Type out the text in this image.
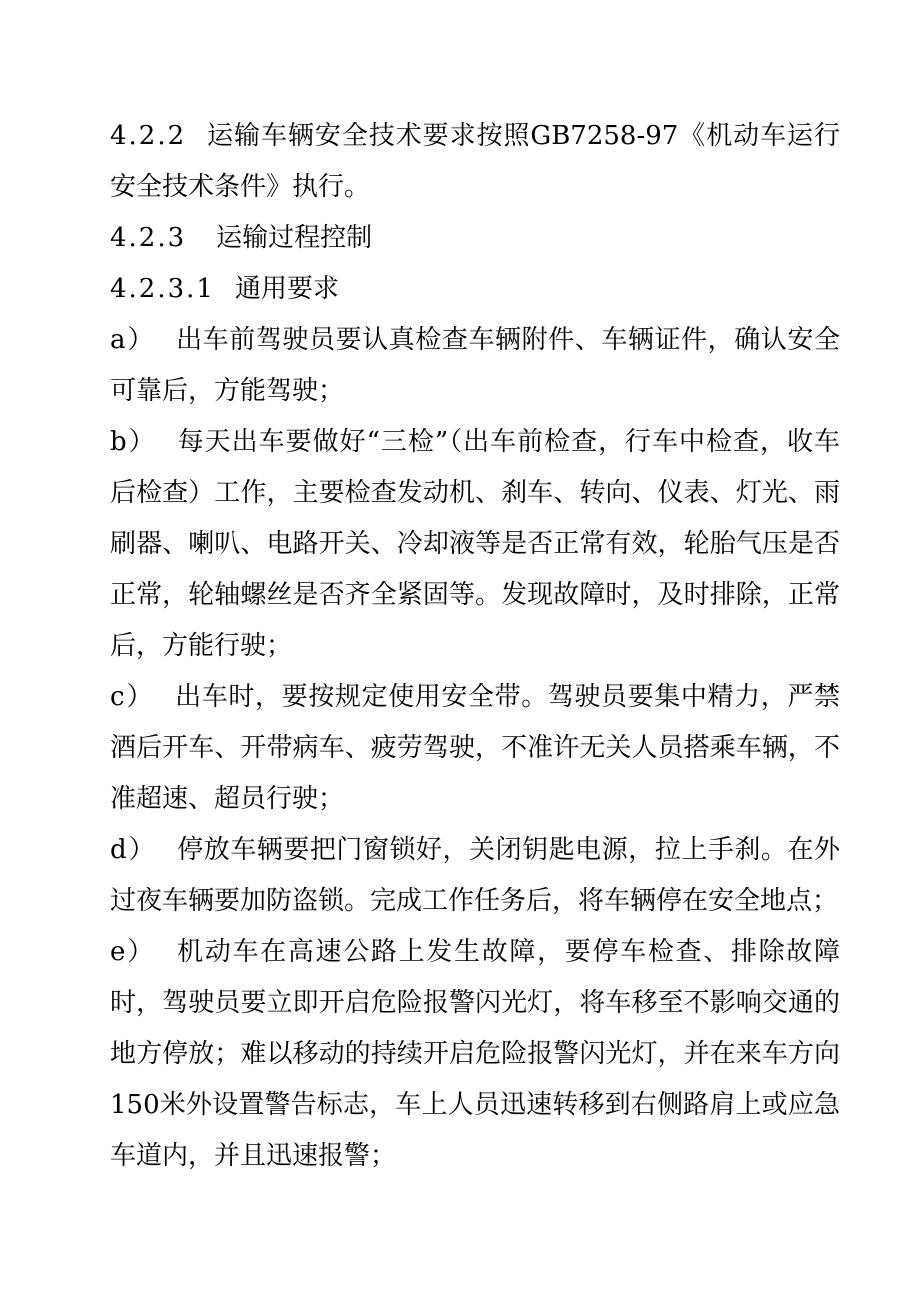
4.2.2 运输车辆安全技术要求按照GB7258-97《机动车运行安全技术条件》执行。

4.2.3 运输过程控制

4.2.3.1 通用要求

a） 出车前驾驶员要认真检查车辆附件、车辆证件，确认安全可靠后，方能驾驶；

b） 每天出车要做好“三检”（出车前检查，行车中检查，收车后检查）工作，主要检查发动机、刹车、转向、仪表、灯光、雨刷器、喇叭、电路开关、冷却液等是否正常有效，轮胎气压是否正常，轮轴螺丝是否齐全紧固等。发现故障时，及时排除，正常后，方能行驶；

c） 出车时，要按规定使用安全带。驾驶员要集中精力，严禁酒后开车、开带病车、疲劳驾驶，不准许无关人员搭乘车辆，不准超速、超员行驶；

d） 停放车辆要把门窗锁好，关闭钥匙电源，拉上手刹。在外过夜车辆要加防盗锁。完成工作任务后，将车辆停在安全地点；

e） 机动车在高速公路上发生故障，要停车检查、排除故障时，驾驶员要立即开启危险报警闪光灯，将车移至不影响交通的地方停放；难以移动的持续开启危险报警闪光灯，并在来车方向150米外设置警告标志，车上人员迅速转移到右侧路肩上或应急车道内，并且迅速报警；
